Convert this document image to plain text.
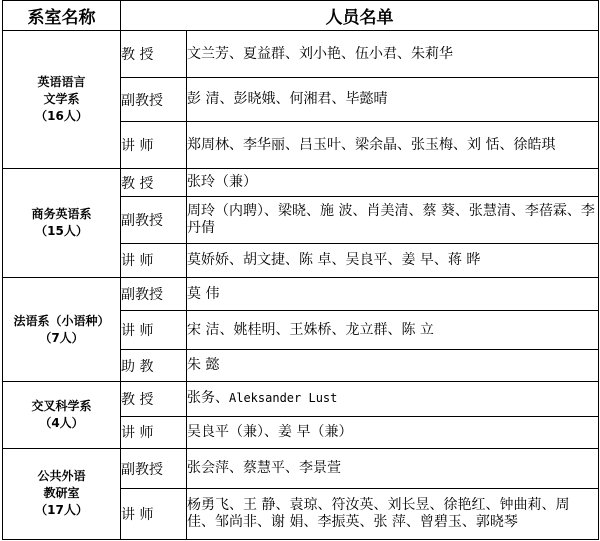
系室名称	人员名单	

英语语言
文学系
（16人）	教 授	文兰芳、夏益群、刘小艳、伍小君、朱莉华
	副教授	彭 清、彭晓娥、何湘君、毕懿晴
	讲 师	郑周林、李华丽、吕玉叶、梁余晶、张玉梅、刘 恬、徐皓琪

商务英语系
（15人）	教 授	张玲（兼）
	副教授	周玲（内聘）、梁晓、施 波、肖美清、蔡 葵、张慧清、李蓓霖、李丹倩
	讲 师	莫娇娇、胡文捷、陈 卓、吴良平、姜 早、蒋 晔

法语系（小语种）
（7人）	副教授	莫 伟
	讲 师	宋 洁、姚桂明、王姝桥、龙立群、陈 立
	助 教	朱 懿

交叉科学系
（4人）	教 授	张务、Aleksander Lust
	讲 师	吴良平（兼）、姜 早（兼）

公共外语
教研室
（17人）	副教授	张会萍、蔡慧平、李景萱
	讲 师	杨勇飞、王 静、袁琼、符汝英、刘长昱、徐艳红、钟曲莉、周 佳、邹尚非、谢 娟、李振英、张 萍、曾碧玉、郭晓琴
